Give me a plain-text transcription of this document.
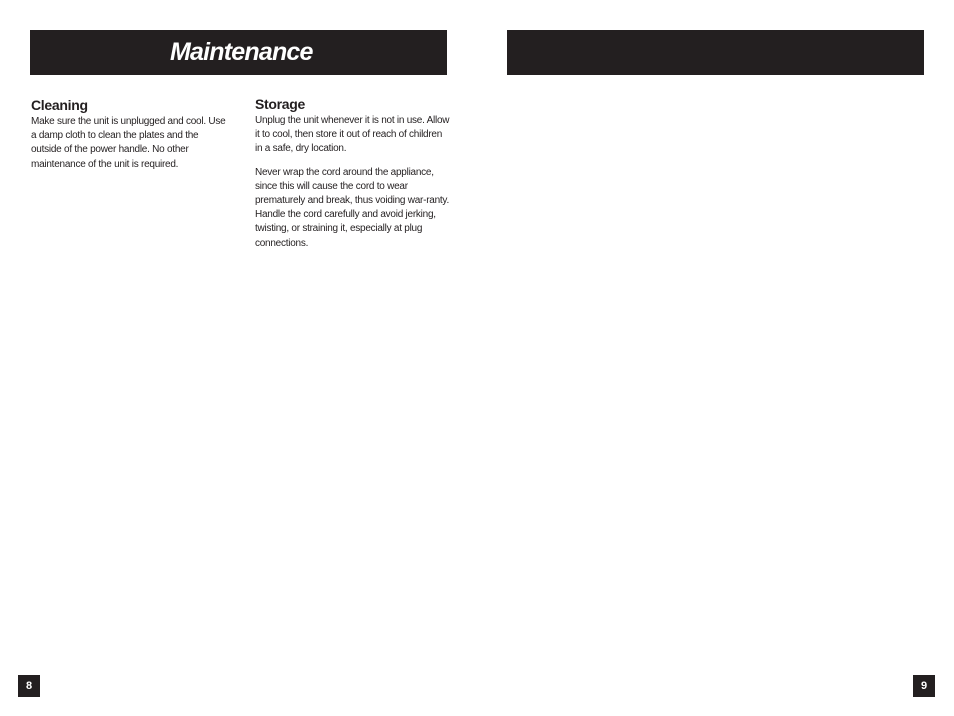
Maintenance
Cleaning

Make sure the unit is unplugged and cool. Use a damp cloth to clean the plates and the outside of the power handle. No other maintenance of the unit is required.

Storage

Unplug the unit whenever it is not in use. Allow it to cool, then store it out of reach of children in a safe, dry location.

Never wrap the cord around the appliance, since this will cause the cord to wear prematurely and break, thus voiding war-ranty. Handle the cord carefully and avoid jerking, twisting, or straining it, especially at plug connections.

8	9
